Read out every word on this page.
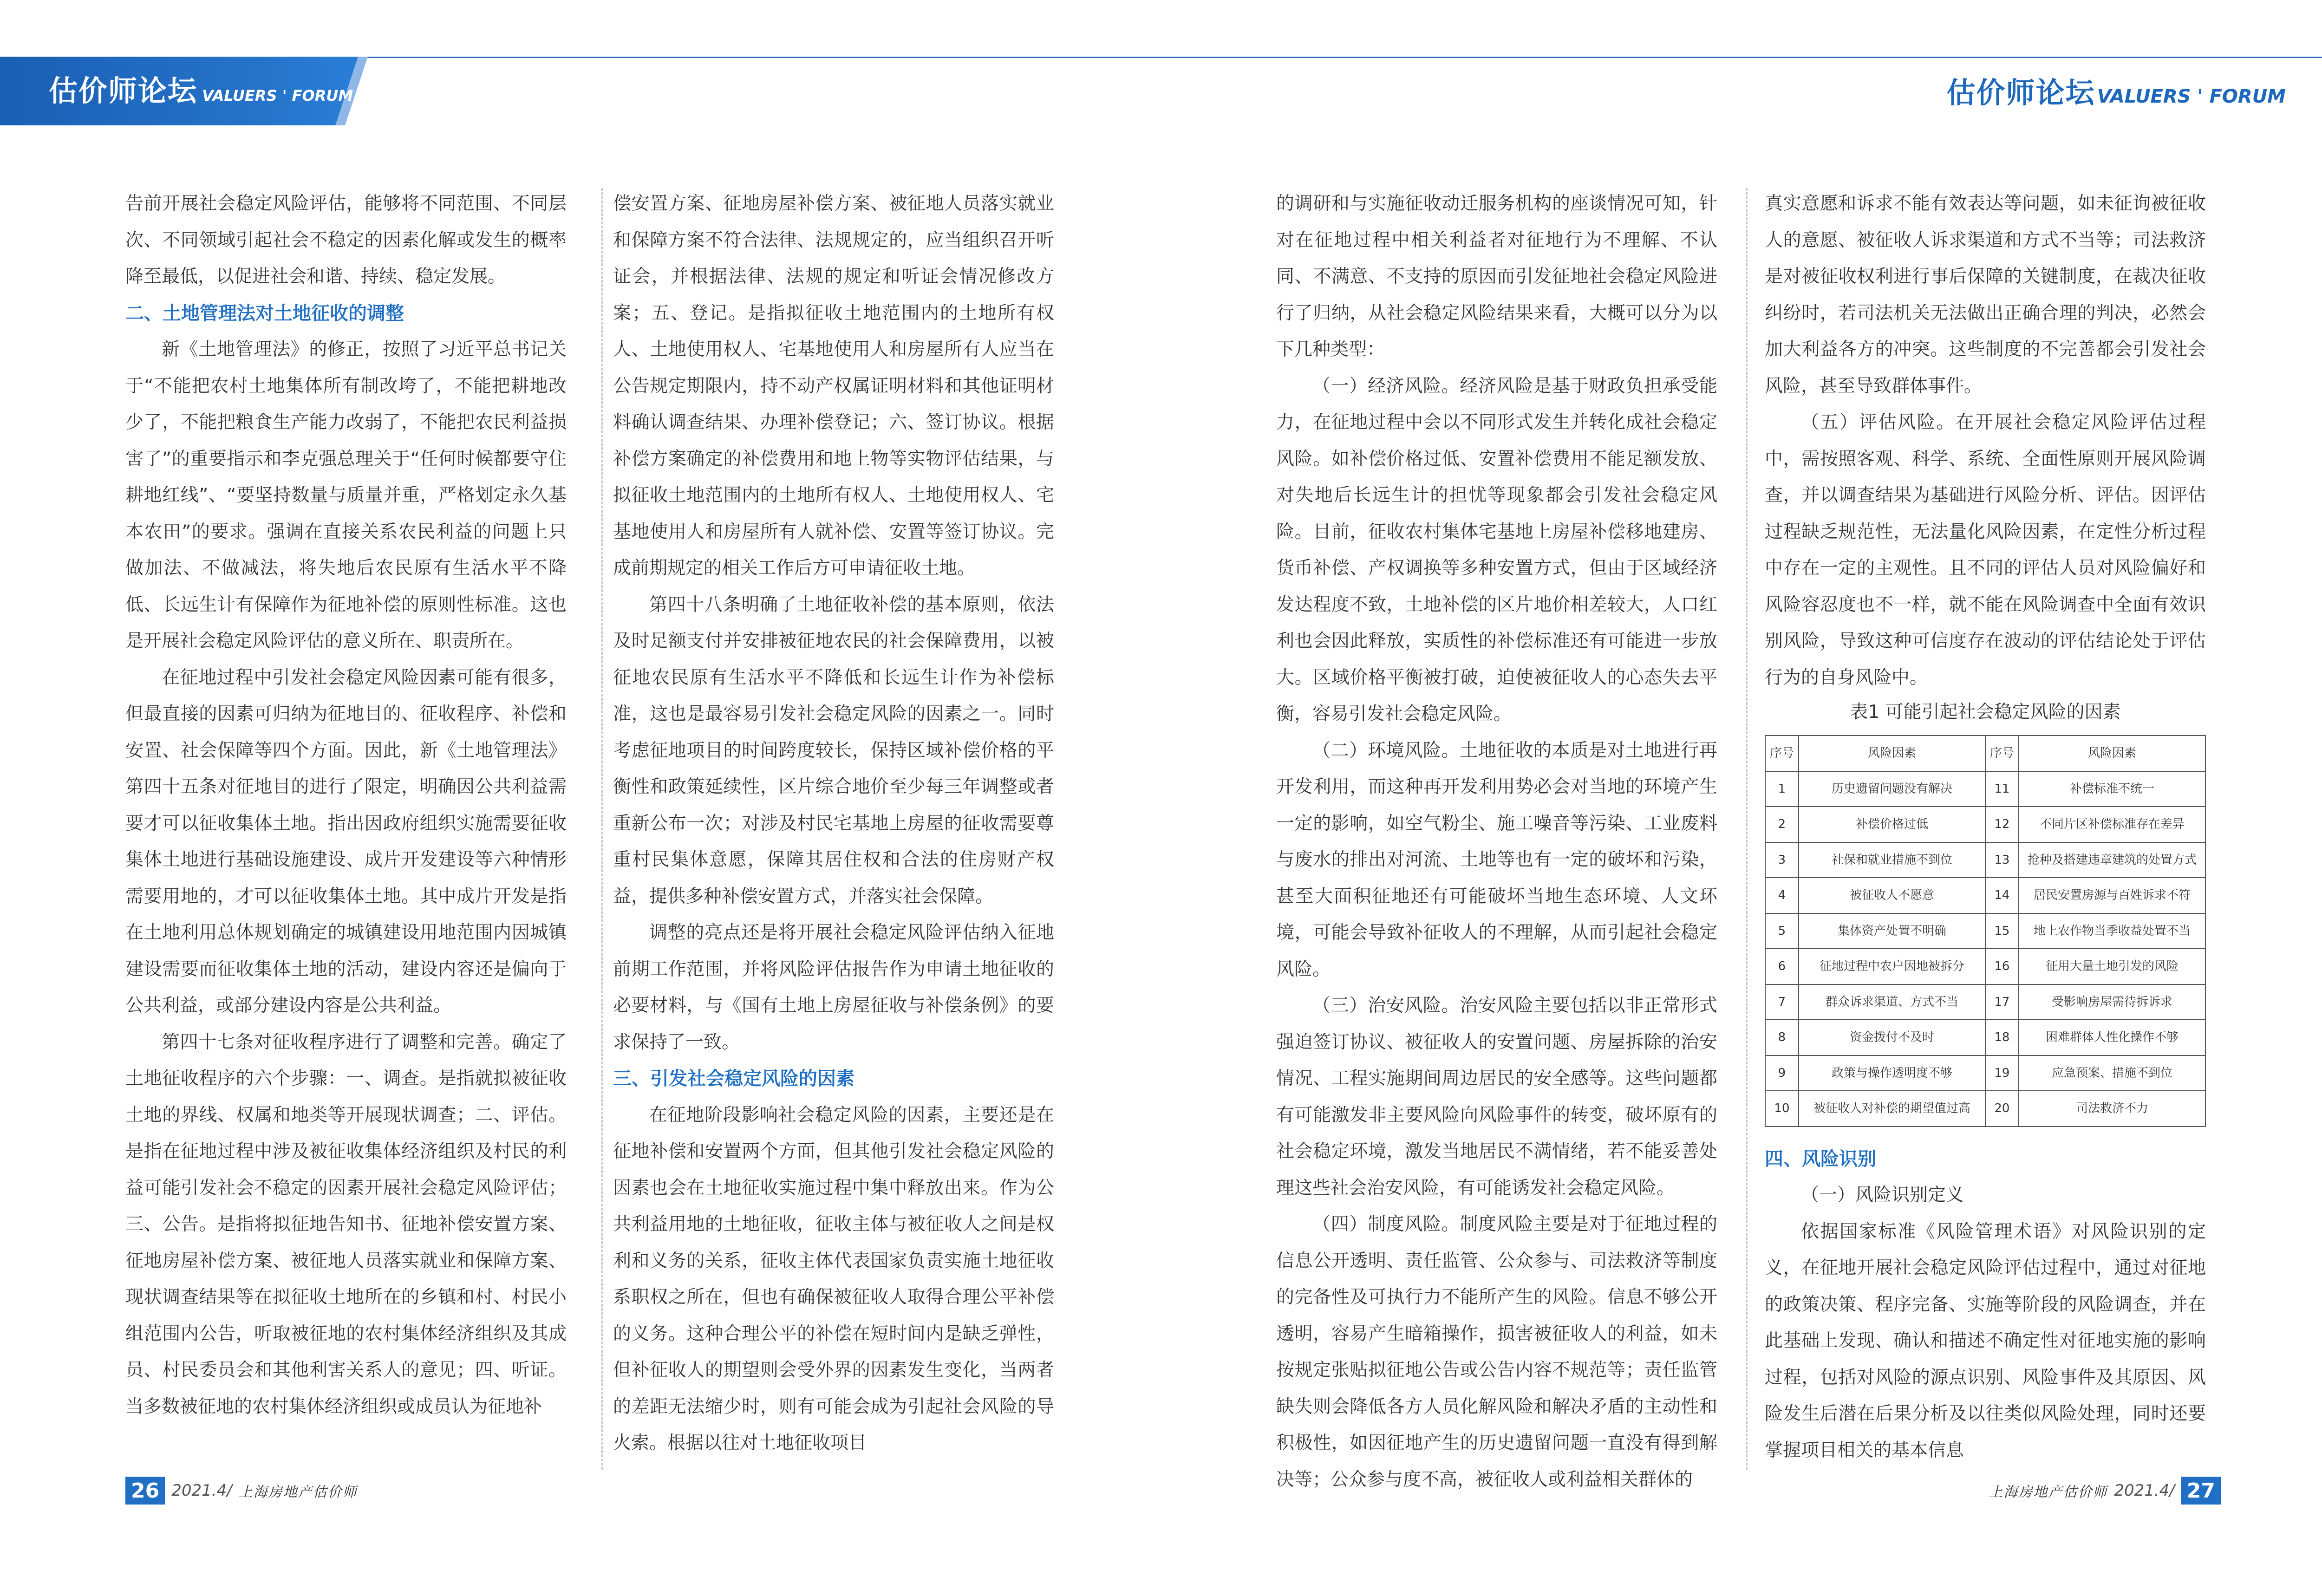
估价师论坛 VALUERS ' FORUM	估价师论坛 VALUERS ' FORUM

告前开展社会稳定风险评估，能够将不同范围、不同层次、不同领域引起社会不稳定的因素化解或发生的概率降至最低，以促进社会和谐、持续、稳定发展。

二、土地管理法对土地征收的调整

新《土地管理法》的修正，按照了习近平总书记关于“不能把农村土地集体所有制改垮了，不能把耕地改少了，不能把粮食生产能力改弱了，不能把农民利益损害了”的重要指示和李克强总理关于“任何时候都要守住耕地红线”、“要坚持数量与质量并重，严格划定永久基本农田”的要求。强调在直接关系农民利益的问题上只做加法、不做减法，将失地后农民原有生活水平不降低、长远生计有保障作为征地补偿的原则性标准。这也是开展社会稳定风险评估的意义所在、职责所在。

在征地过程中引发社会稳定风险因素可能有很多，但最直接的因素可归纳为征地目的、征收程序、补偿和安置、社会保障等四个方面。因此，新《土地管理法》第四十五条对征地目的进行了限定，明确因公共利益需要才可以征收集体土地。指出因政府组织实施需要征收集体土地进行基础设施建设、成片开发建设等六种情形需要用地的，才可以征收集体土地。其中成片开发是指在土地利用总体规划确定的城镇建设用地范围内因城镇建设需要而征收集体土地的活动，建设内容还是偏向于公共利益，或部分建设内容是公共利益。

第四十七条对征收程序进行了调整和完善。确定了土地征收程序的六个步骤：一、调查。是指就拟被征收土地的界线、权属和地类等开展现状调查；二、评估。是指在征地过程中涉及被征收集体经济组织及村民的利益可能引发社会不稳定的因素开展社会稳定风险评估；三、公告。是指将拟征地告知书、征地补偿安置方案、征地房屋补偿方案、被征地人员落实就业和保障方案、现状调查结果等在拟征收土地所在的乡镇和村、村民小组范围内公告，听取被征地的农村集体经济组织及其成员、村民委员会和其他利害关系人的意见；四、听证。当多数被征地的农村集体经济组织或成员认为征地补

偿安置方案、征地房屋补偿方案、被征地人员落实就业和保障方案不符合法律、法规规定的，应当组织召开听证会，并根据法律、法规的规定和听证会情况修改方案；五、登记。是指拟征收土地范围内的土地所有权人、土地使用权人、宅基地使用人和房屋所有人应当在公告规定期限内，持不动产权属证明材料和其他证明材料确认调查结果、办理补偿登记；六、签订协议。根据补偿方案确定的补偿费用和地上物等实物评估结果，与拟征收土地范围内的土地所有权人、土地使用权人、宅基地使用人和房屋所有人就补偿、安置等签订协议。完成前期规定的相关工作后方可申请征收土地。

第四十八条明确了土地征收补偿的基本原则，依法及时足额支付并安排被征地农民的社会保障费用，以被征地农民原有生活水平不降低和长远生计作为补偿标准，这也是最容易引发社会稳定风险的因素之一。同时考虑征地项目的时间跨度较长，保持区域补偿价格的平衡性和政策延续性，区片综合地价至少每三年调整或者重新公布一次；对涉及村民宅基地上房屋的征收需要尊重村民集体意愿，保障其居住权和合法的住房财产权益，提供多种补偿安置方式，并落实社会保障。

调整的亮点还是将开展社会稳定风险评估纳入征地前期工作范围，并将风险评估报告作为申请土地征收的必要材料，与《国有土地上房屋征收与补偿条例》的要求保持了一致。

三、引发社会稳定风险的因素

在征地阶段影响社会稳定风险的因素，主要还是在征地补偿和安置两个方面，但其他引发社会稳定风险的因素也会在土地征收实施过程中集中释放出来。作为公共利益用地的土地征收，征收主体与被征收人之间是权利和义务的关系，征收主体代表国家负责实施土地征收系职权之所在，但也有确保被征收人取得合理公平补偿的义务。这种合理公平的补偿在短时间内是缺乏弹性，但补征收人的期望则会受外界的因素发生变化，当两者的差距无法缩少时，则有可能会成为引起社会风险的导火索。根据以往对土地征收项目

的调研和与实施征收动迁服务机构的座谈情况可知，针对在征地过程中相关利益者对征地行为不理解、不认同、不满意、不支持的原因而引发征地社会稳定风险进行了归纳，从社会稳定风险结果来看，大概可以分为以下几种类型：

（一）经济风险。经济风险是基于财政负担承受能力，在征地过程中会以不同形式发生并转化成社会稳定风险。如补偿价格过低、安置补偿费用不能足额发放、对失地后长远生计的担忧等现象都会引发社会稳定风险。目前，征收农村集体宅基地上房屋补偿移地建房、货币补偿、产权调换等多种安置方式，但由于区域经济发达程度不致，土地补偿的区片地价相差较大，人口红利也会因此释放，实质性的补偿标准还有可能进一步放大。区域价格平衡被打破，迫使被征收人的心态失去平衡，容易引发社会稳定风险。

（二）环境风险。土地征收的本质是对土地进行再开发利用，而这种再开发利用势必会对当地的环境产生一定的影响，如空气粉尘、施工噪音等污染、工业废料与废水的排出对河流、土地等也有一定的破坏和污染，甚至大面积征地还有可能破坏当地生态环境、人文环境，可能会导致补征收人的不理解，从而引起社会稳定风险。

（三）治安风险。治安风险主要包括以非正常形式强迫签订协议、被征收人的安置问题、房屋拆除的治安情况、工程实施期间周边居民的安全感等。这些问题都有可能激发非主要风险向风险事件的转变，破坏原有的社会稳定环境，激发当地居民不满情绪，若不能妥善处理这些社会治安风险，有可能诱发社会稳定风险。

（四）制度风险。制度风险主要是对于征地过程的信息公开透明、责任监管、公众参与、司法救济等制度的完备性及可执行力不能所产生的风险。信息不够公开透明，容易产生暗箱操作，损害被征收人的利益，如未按规定张贴拟征地公告或公告内容不规范等；责任监管缺失则会降低各方人员化解风险和解决矛盾的主动性和积极性，如因征地产生的历史遗留问题一直没有得到解决等；公众参与度不高，被征收人或利益相关群体的

真实意愿和诉求不能有效表达等问题，如未征询被征收人的意愿、被征收人诉求渠道和方式不当等；司法救济是对被征收权利进行事后保障的关键制度，在裁决征收纠纷时，若司法机关无法做出正确合理的判决，必然会加大利益各方的冲突。这些制度的不完善都会引发社会风险，甚至导致群体事件。

（五）评估风险。在开展社会稳定风险评估过程中，需按照客观、科学、系统、全面性原则开展风险调查，并以调查结果为基础进行风险分析、评估。因评估过程缺乏规范性，无法量化风险因素，在定性分析过程中存在一定的主观性。且不同的评估人员对风险偏好和风险容忍度也不一样，就不能在风险调查中全面有效识别风险，导致这种可信度存在波动的评估结论处于评估行为的自身风险中。

表1 可能引起社会稳定风险的因素
序号	风险因素	序号	风险因素
1	历史遗留问题没有解决	11	补偿标准不统一
2	补偿价格过低	12	不同片区补偿标准存在差异
3	社保和就业措施不到位	13	抢种及搭建违章建筑的处置方式
4	被征收人不愿意	14	居民安置房源与百姓诉求不符
5	集体资产处置不明确	15	地上农作物当季收益处置不当
6	征地过程中农户因地被拆分	16	征用大量土地引发的风险
7	群众诉求渠道、方式不当	17	受影响房屋需待拆诉求
8	资金拨付不及时	18	困难群体人性化操作不够
9	政策与操作透明度不够	19	应急预案、措施不到位
10	被征收人对补偿的期望值过高	20	司法救济不力
四、风险识别

（一）风险识别定义

依据国家标准《风险管理术语》对风险识别的定义，在征地开展社会稳定风险评估过程中，通过对征地的政策决策、程序完备、实施等阶段的风险调查，并在此基础上发现、确认和描述不确定性对征地实施的影响过程，包括对风险的源点识别、风险事件及其原因、风险发生后潜在后果分析及以往类似风险处理，同时还要掌握项目相关的基本信息

26 2021.4/ 上海房地产估价师	上海房地产估价师 2021.4/ 27
